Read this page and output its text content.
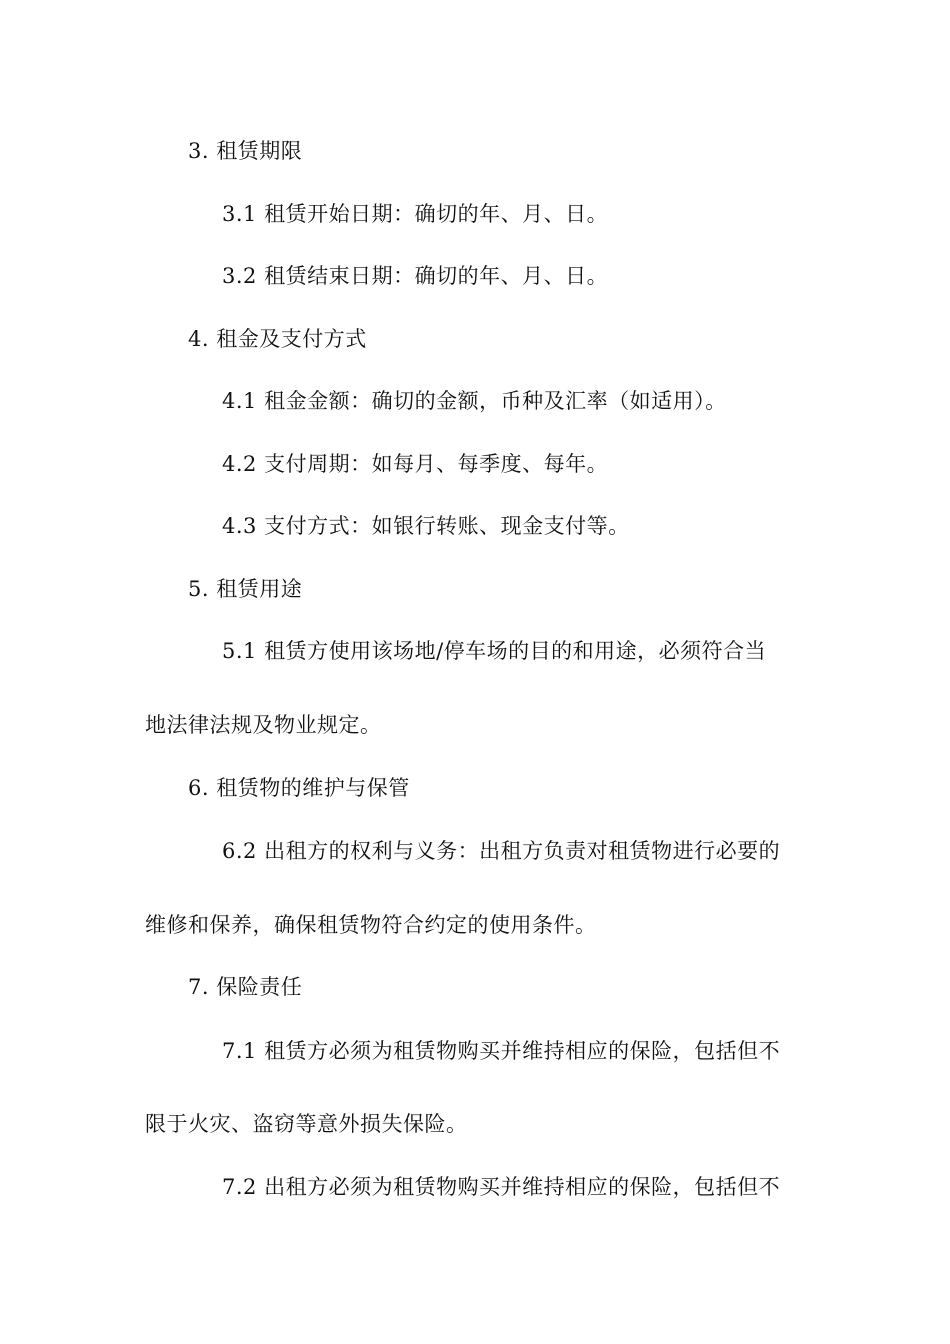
3. 租赁期限
3.1 租赁开始日期：确切的年、月、日。
3.2 租赁结束日期：确切的年、月、日。
4. 租金及支付方式
4.1 租金金额：确切的金额，币种及汇率（如适用）。
4.2 支付周期：如每月、每季度、每年。
4.3 支付方式：如银行转账、现金支付等。
5. 租赁用途
5.1 租赁方使用该场地/停车场的目的和用途，必须符合当
地法律法规及物业规定。
6. 租赁物的维护与保管
6.2 出租方的权利与义务：出租方负责对租赁物进行必要的
维修和保养，确保租赁物符合约定的使用条件。
7. 保险责任
7.1 租赁方必须为租赁物购买并维持相应的保险，包括但不
限于火灾、盗窃等意外损失保险。
7.2 出租方必须为租赁物购买并维持相应的保险，包括但不
